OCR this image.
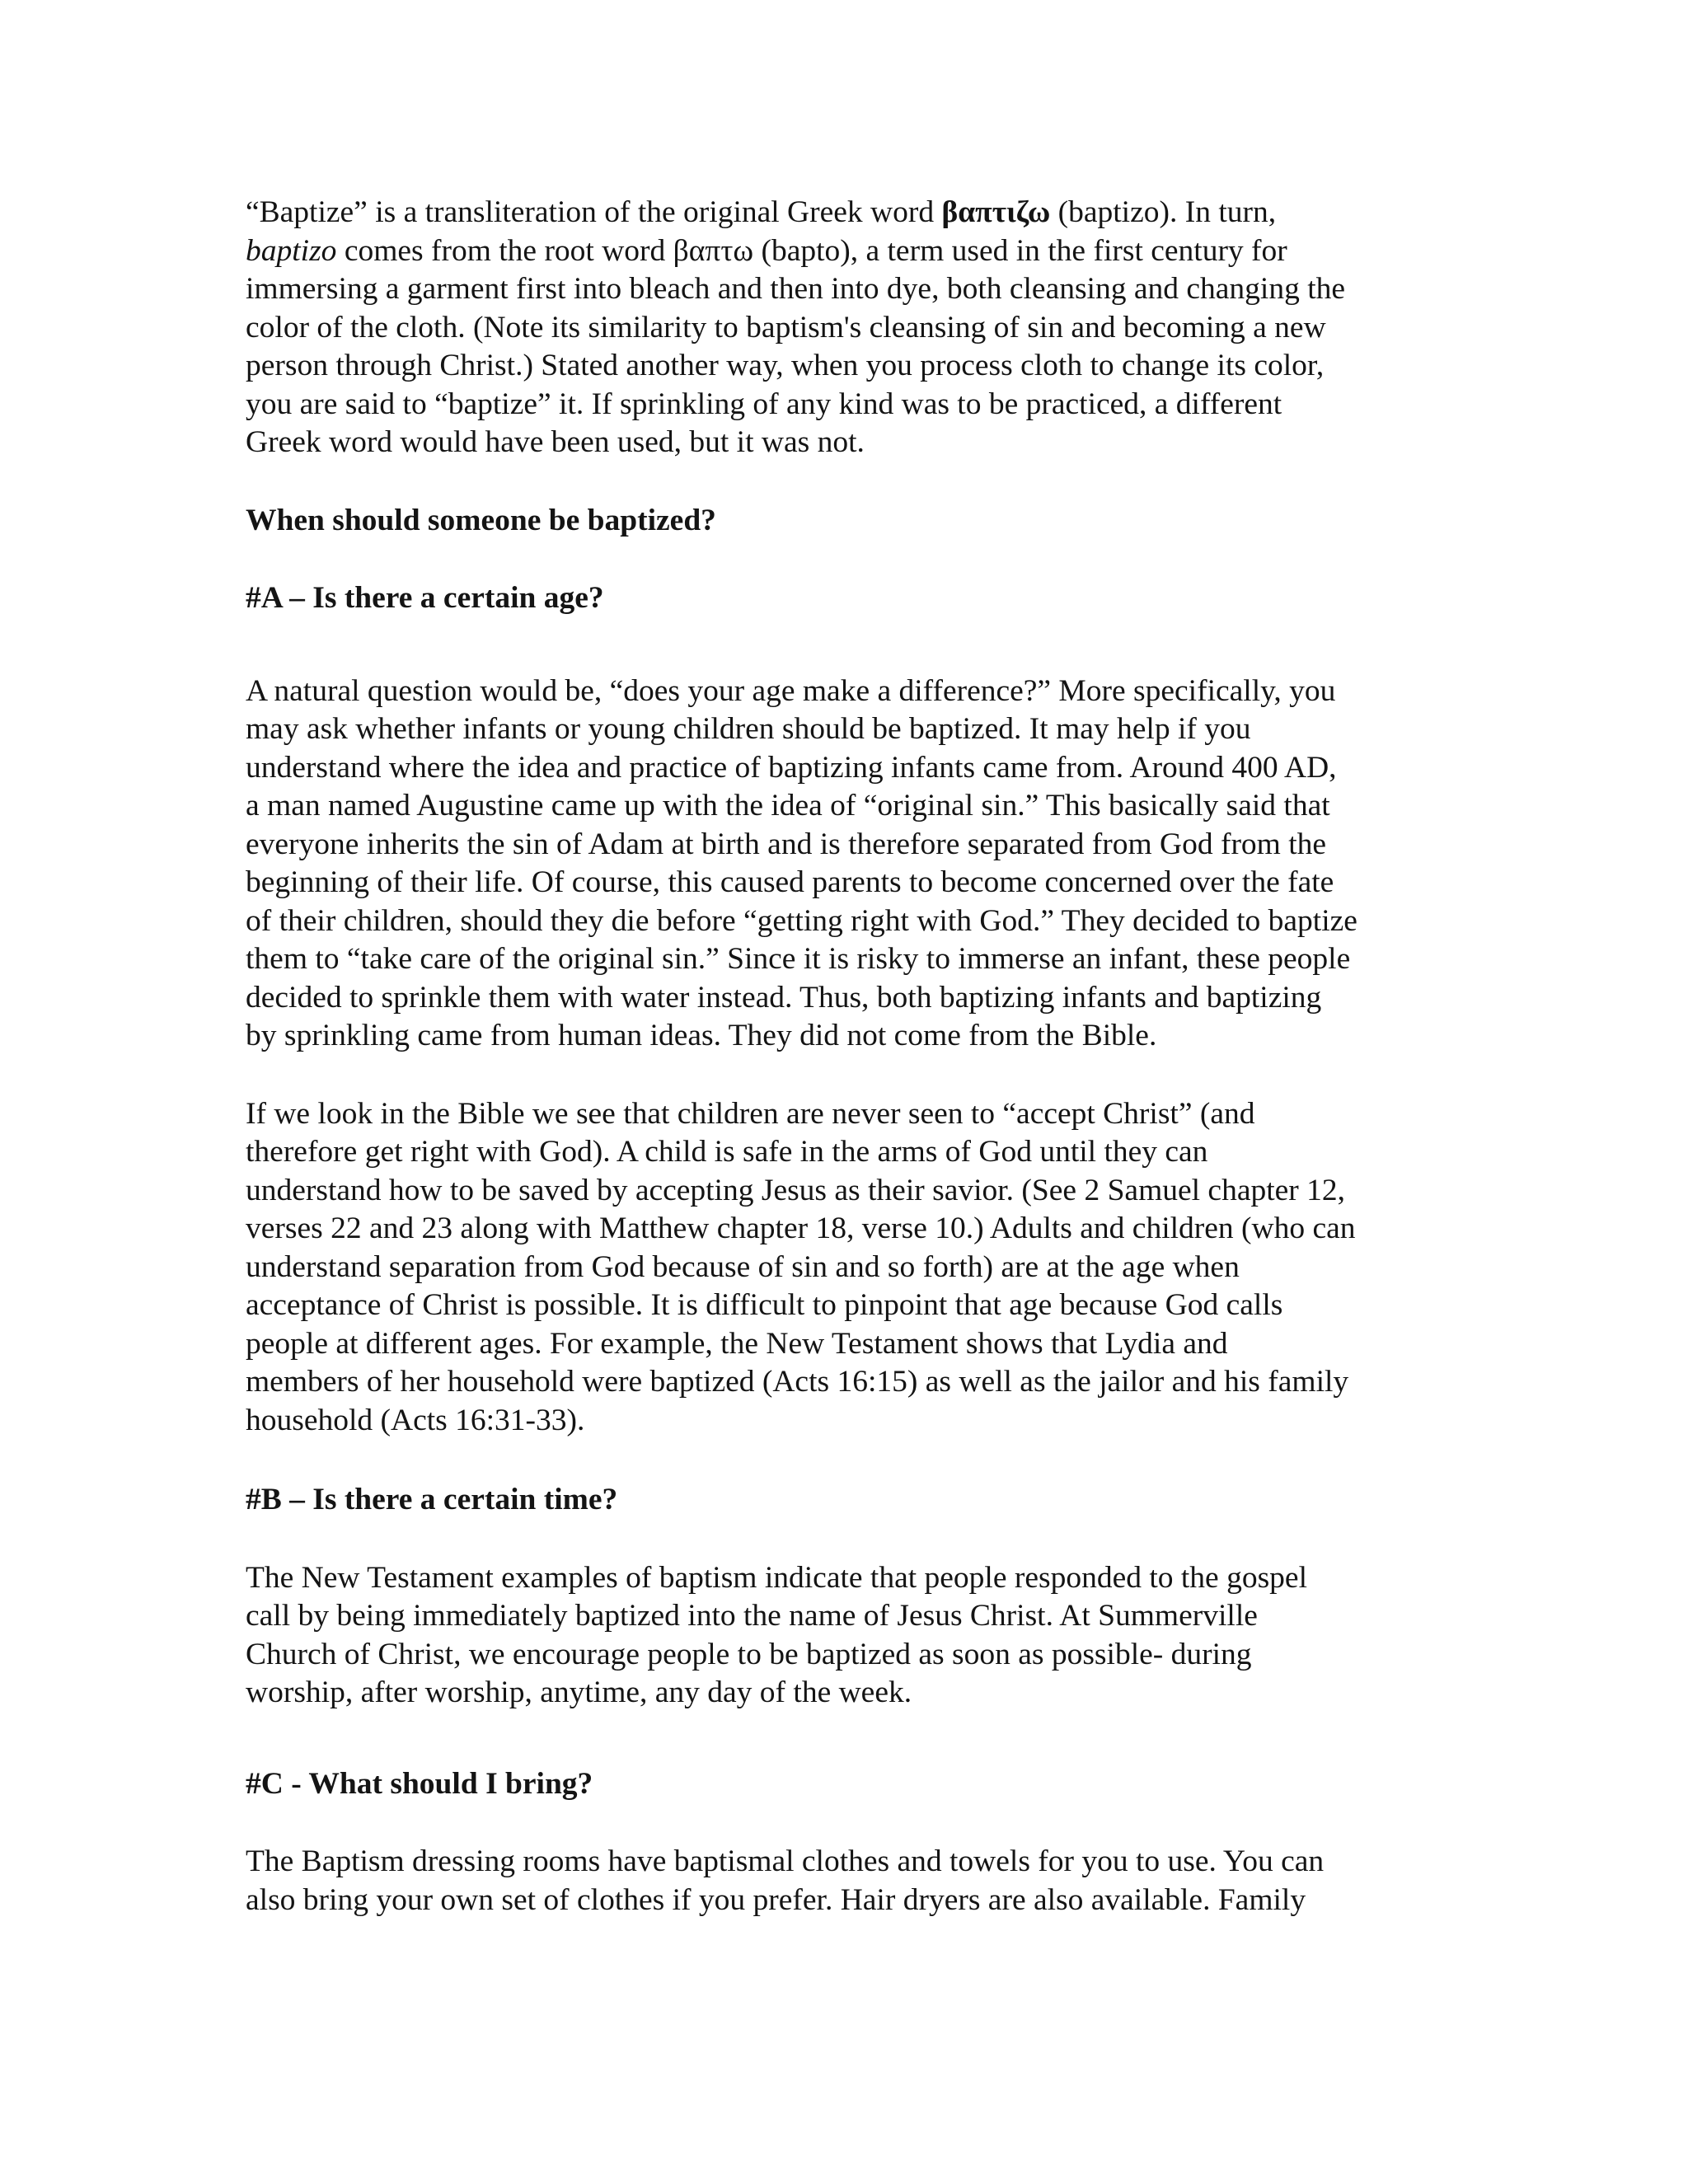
“Baptize” is a transliteration of the original Greek word βαπτιζω (baptizo). In turn,
baptizo comes from the root word βαπτω (bapto), a term used in the first century for
immersing a garment first into bleach and then into dye, both cleansing and changing the
color of the cloth. (Note its similarity to baptism's cleansing of sin and becoming a new
person through Christ.) Stated another way, when you process cloth to change its color,
you are said to “baptize” it. If sprinkling of any kind was to be practiced, a different
Greek word would have been used, but it was not.
When should someone be baptized?
#A – Is there a certain age?
A natural question would be, “does your age make a difference?” More specifically, you
may ask whether infants or young children should be baptized. It may help if you
understand where the idea and practice of baptizing infants came from. Around 400 AD,
a man named Augustine came up with the idea of “original sin.” This basically said that
everyone inherits the sin of Adam at birth and is therefore separated from God from the
beginning of their life. Of course, this caused parents to become concerned over the fate
of their children, should they die before “getting right with God.” They decided to baptize
them to “take care of the original sin.” Since it is risky to immerse an infant, these people
decided to sprinkle them with water instead. Thus, both baptizing infants and baptizing
by sprinkling came from human ideas. They did not come from the Bible.
If we look in the Bible we see that children are never seen to “accept Christ” (and
therefore get right with God). A child is safe in the arms of God until they can
understand how to be saved by accepting Jesus as their savior. (See 2 Samuel chapter 12,
verses 22 and 23 along with Matthew chapter 18, verse 10.) Adults and children (who can
understand separation from God because of sin and so forth) are at the age when
acceptance of Christ is possible. It is difficult to pinpoint that age because God calls
people at different ages. For example, the New Testament shows that Lydia and
members of her household were baptized (Acts 16:15) as well as the jailor and his family
household (Acts 16:31-33).
#B – Is there a certain time?
The New Testament examples of baptism indicate that people responded to the gospel
call by being immediately baptized into the name of Jesus Christ. At Summerville
Church of Christ, we encourage people to be baptized as soon as possible- during
worship, after worship, anytime, any day of the week.
#C - What should I bring?
The Baptism dressing rooms have baptismal clothes and towels for you to use. You can
also bring your own set of clothes if you prefer. Hair dryers are also available. Family
